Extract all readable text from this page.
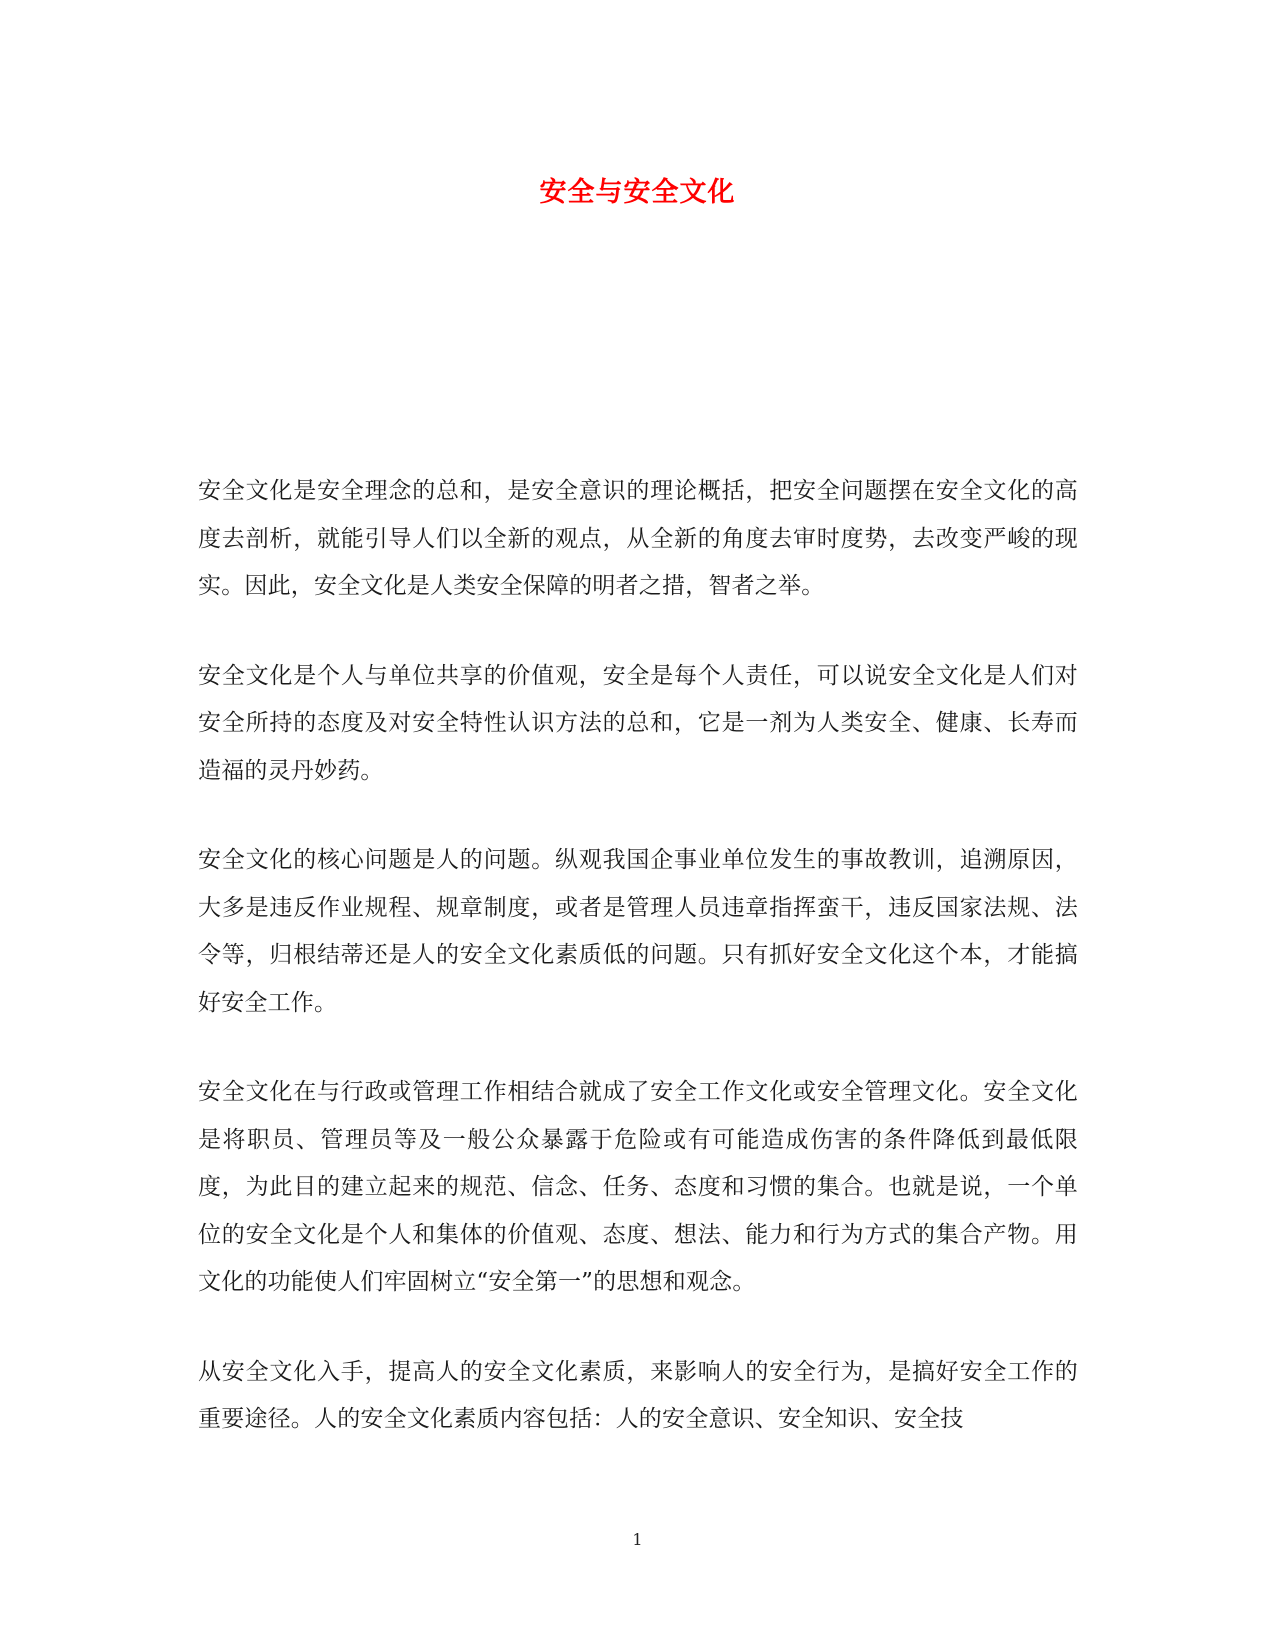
安全与安全文化

安全文化是安全理念的总和，是安全意识的理论概括，把安全问题摆在安全文化的高度去剖析，就能引导人们以全新的观点，从全新的角度去审时度势，去改变严峻的现实。因此，安全文化是人类安全保障的明者之措，智者之举。

安全文化是个人与单位共享的价值观，安全是每个人责任，可以说安全文化是人们对安全所持的态度及对安全特性认识方法的总和，它是一剂为人类安全、健康、长寿而造福的灵丹妙药。

安全文化的核心问题是人的问题。纵观我国企事业单位发生的事故教训，追溯原因，大多是违反作业规程、规章制度，或者是管理人员违章指挥蛮干，违反国家法规、法令等，归根结蒂还是人的安全文化素质低的问题。只有抓好安全文化这个本，才能搞好安全工作。

安全文化在与行政或管理工作相结合就成了安全工作文化或安全管理文化。安全文化是将职员、管理员等及一般公众暴露于危险或有可能造成伤害的条件降低到最低限度，为此目的建立起来的规范、信念、任务、态度和习惯的集合。也就是说，一个单位的安全文化是个人和集体的价值观、态度、想法、能力和行为方式的集合产物。用文化的功能使人们牢固树立“安全第一”的思想和观念。

从安全文化入手，提高人的安全文化素质，来影响人的安全行为，是搞好安全工作的重要途径。人的安全文化素质内容包括：人的安全意识、安全知识、安全技

1
